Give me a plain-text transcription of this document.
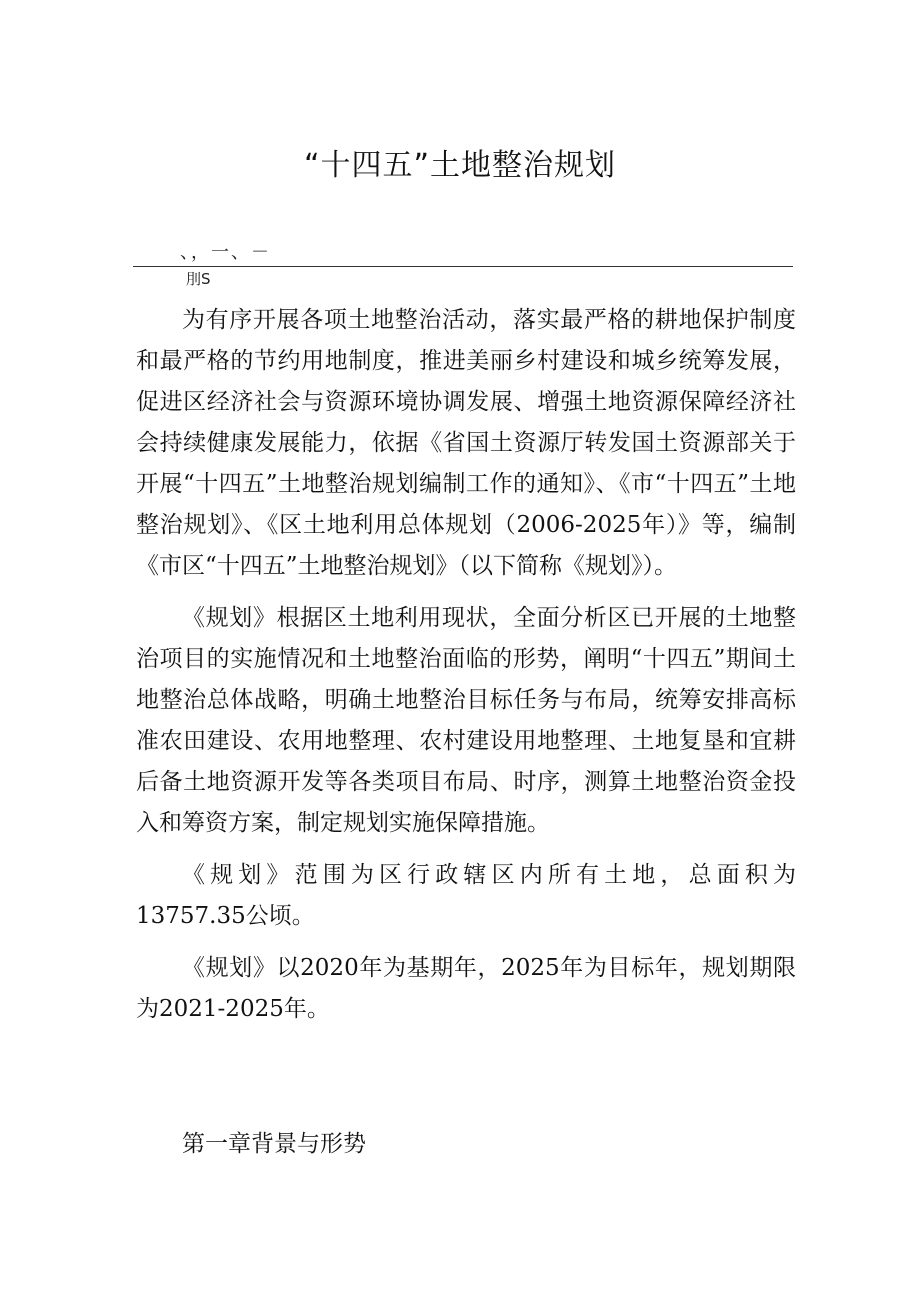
“十四五”土地整治规划
、，一、－
刖S

为有序开展各项土地整治活动，落实最严格的耕地保护制度和最严格的节约用地制度，推进美丽乡村建设和城乡统筹发展，促进区经济社会与资源环境协调发展、增强土地资源保障经济社会持续健康发展能力，依据《省国土资源厅转发国土资源部关于开展“十四五”土地整治规划编制工作的通知》、《市“十四五”土地整治规划》、《区土地利用总体规划（2006-2025年）》等，编制《市区“十四五”土地整治规划》（以下简称《规划》）。

《规划》根据区土地利用现状，全面分析区已开展的土地整治项目的实施情况和土地整治面临的形势，阐明“十四五”期间土地整治总体战略，明确土地整治目标任务与布局，统筹安排高标准农田建设、农用地整理、农村建设用地整理、土地复垦和宜耕后备土地资源开发等各类项目布局、时序，测算土地整治资金投入和筹资方案，制定规划实施保障措施。

《规划》范围为区行政辖区内所有土地，总面积为13757.35公顷。

《规划》以2020年为基期年，2025年为目标年，规划期限为2021-2025年。

第一章背景与形势
